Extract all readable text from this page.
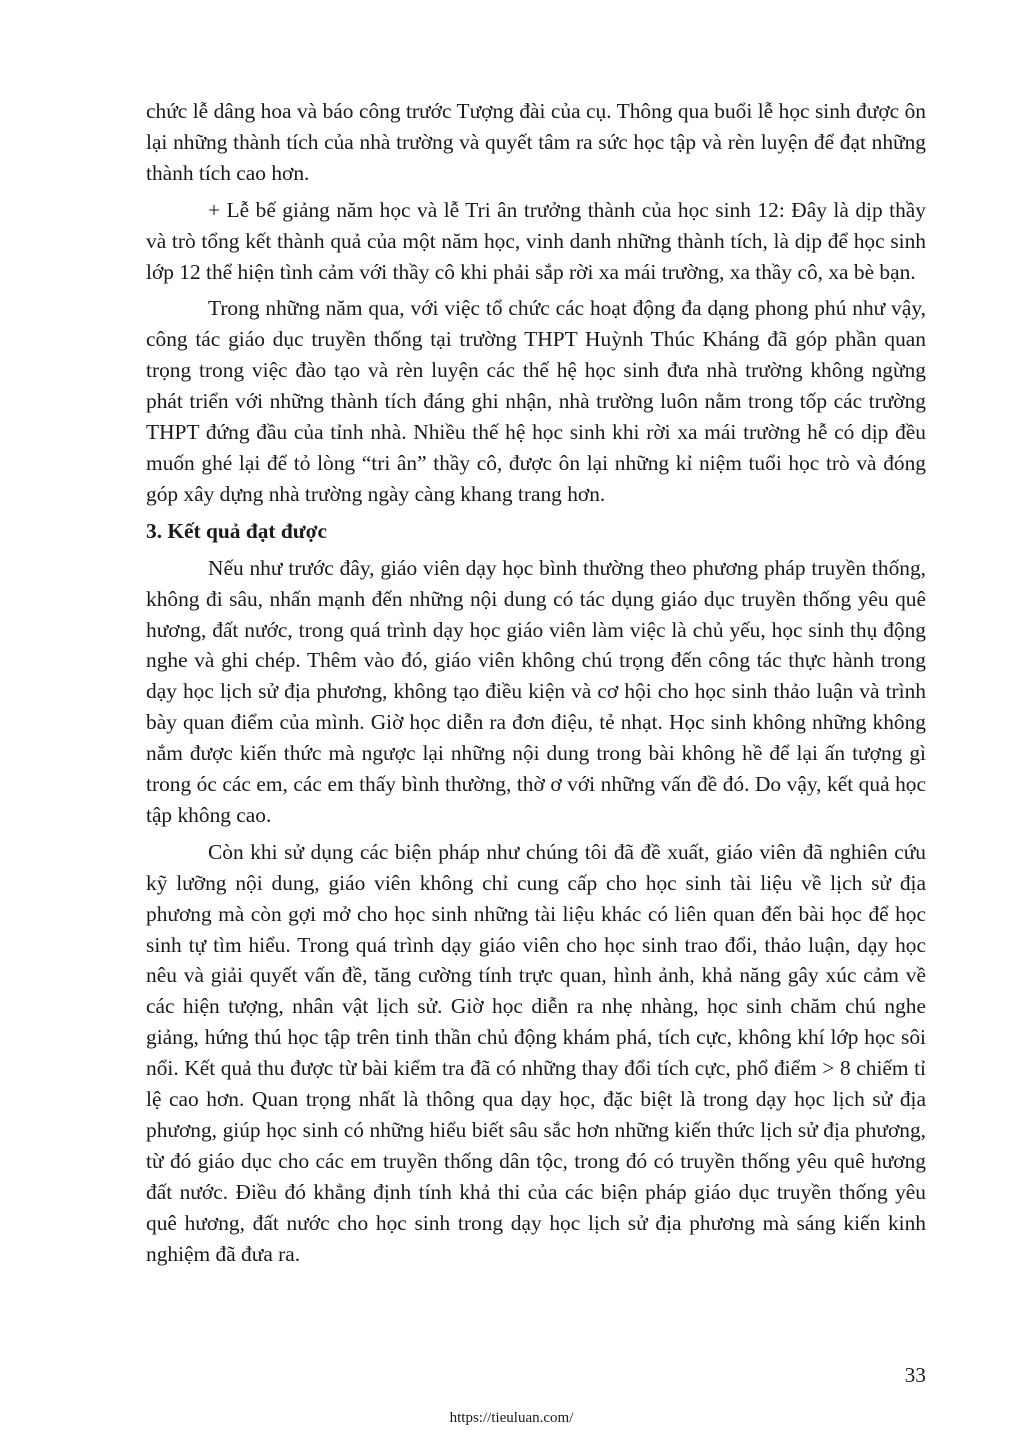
chức lễ dâng hoa và báo công trước Tượng đài của cụ. Thông qua buổi lễ học sinh được ôn lại những thành tích của nhà trường và quyết tâm ra sức học tập và rèn luyện để đạt những thành tích cao hơn.

+ Lễ bế giảng năm học và lễ Tri ân trưởng thành của học sinh 12: Đây là dịp thầy và trò tổng kết thành quả của một năm học, vinh danh những thành tích, là dịp để học sinh lớp 12 thể hiện tình cảm với thầy cô khi phải sắp rời xa mái trường, xa thầy cô, xa bè bạn.

Trong những năm qua, với việc tổ chức các hoạt động đa dạng phong phú như vậy, công tác giáo dục truyền thống tại trường THPT Huỳnh Thúc Kháng đã góp phần quan trọng trong việc đào tạo và rèn luyện các thế hệ học sinh đưa nhà trường không ngừng phát triển với những thành tích đáng ghi nhận, nhà trường luôn nằm trong tốp các trường THPT đứng đầu của tỉnh nhà. Nhiều thế hệ học sinh khi rời xa mái trường hễ có dịp đều muốn ghé lại để tỏ lòng “tri ân” thầy cô, được ôn lại những kỉ niệm tuổi học trò và đóng góp xây dựng nhà trường ngày càng khang trang hơn.

3. Kết quả đạt được

Nếu như trước đây, giáo viên dạy học bình thường theo phương pháp truyền thống, không đi sâu, nhấn mạnh đến những nội dung có tác dụng giáo dục truyền thống yêu quê hương, đất nước, trong quá trình dạy học giáo viên làm việc là chủ yếu, học sinh thụ động nghe và ghi chép. Thêm vào đó, giáo viên không chú trọng đến công tác thực hành trong dạy học lịch sử địa phương, không tạo điều kiện và cơ hội cho học sinh thảo luận và trình bày quan điểm của mình. Giờ học diễn ra đơn điệu, tẻ nhạt. Học sinh không những không nắm được kiến thức mà ngược lại những nội dung trong bài không hề để lại ấn tượng gì trong óc các em, các em thấy bình thường, thờ ơ với những vấn đề đó. Do vậy, kết quả học tập không cao.

Còn khi sử dụng các biện pháp như chúng tôi đã đề xuất, giáo viên đã nghiên cứu kỹ lưỡng nội dung, giáo viên không chỉ cung cấp cho học sinh tài liệu về lịch sử địa phương mà còn gợi mở cho học sinh những tài liệu khác có liên quan đến bài học để học sinh tự tìm hiểu. Trong quá trình dạy giáo viên cho học sinh trao đổi, thảo luận, dạy học nêu và giải quyết vấn đề, tăng cường tính trực quan, hình ảnh, khả năng gây xúc cảm về các hiện tượng, nhân vật lịch sử. Giờ học diễn ra nhẹ nhàng, học sinh chăm chú nghe giảng, hứng thú học tập trên tinh thần chủ động khám phá, tích cực, không khí lớp học sôi nổi. Kết quả thu được từ bài kiểm tra đã có những thay đổi tích cực, phổ điểm > 8 chiếm tỉ lệ cao hơn. Quan trọng nhất là thông qua dạy học, đặc biệt là trong dạy học lịch sử địa phương, giúp học sinh có những hiểu biết sâu sắc hơn những kiến thức lịch sử địa phương, từ đó giáo dục cho các em truyền thống dân tộc, trong đó có truyền thống yêu quê hương đất nước. Điều đó khẳng định tính khả thi của các biện pháp giáo dục truyền thống yêu quê hương, đất nước cho học sinh trong dạy học lịch sử địa phương mà sáng kiến kinh nghiệm đã đưa ra.

33
https://tieuluan.com/
